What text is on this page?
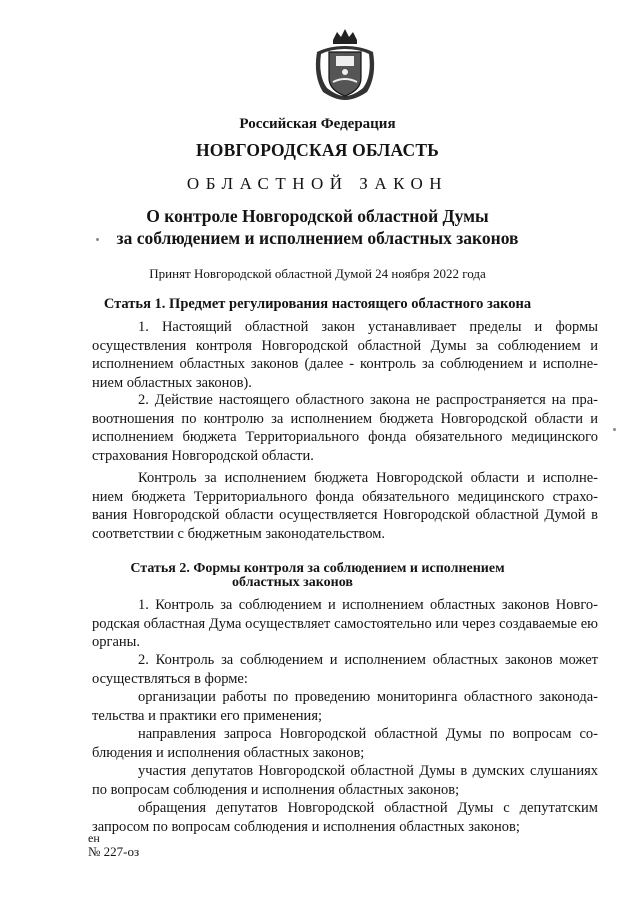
Российская Федерация
НОВГОРОДСКАЯ ОБЛАСТЬ
ОБЛАСТНОЙ ЗАКОН
О контроле Новгородской областной Думы
за соблюдением и исполнением областных законов
Принят Новгородской областной Думой 24 ноября 2022 года
Статья 1. Предмет регулирования настоящего областного закона

1. Настоящий областной закон устанавливает пределы и формы осуществления контроля Новгородской областной Думы за соблюдением и исполнением областных законов (далее - контроль за соблюдением и исполне- нием областных законов).

2. Действие настоящего областного закона не распространяется на пра- воотношения по контролю за исполнением бюджета Новгородской области и исполнением бюджета Территориального фонда обязательного медицинского страхования Новгородской области.

Контроль за исполнением бюджета Новгородской области и исполне- нием бюджета Территориального фонда обязательного медицинского страхо- вания Новгородской области осуществляется Новгородской областной Думой в соответствии с бюджетным законодательством.

Статья 2. Формы контроля за соблюдением и исполнением
областных законов

1. Контроль за соблюдением и исполнением областных законов Новго- родская областная Дума осуществляет самостоятельно или через создаваемые ею органы.

2. Контроль за соблюдением и исполнением областных законов может осуществляться в форме:

организации работы по проведению мониторинга областного законода- тельства и практики его применения;

направления запроса Новгородской областной Думы по вопросам со- блюдения и исполнения областных законов;

участия депутатов Новгородской областной Думы в думских слушаниях по вопросам соблюдения и исполнения областных законов;

обращения депутатов Новгородской областной Думы с депутатским запросом по вопросам соблюдения и исполнения областных законов;

ен
№ 227-оз
